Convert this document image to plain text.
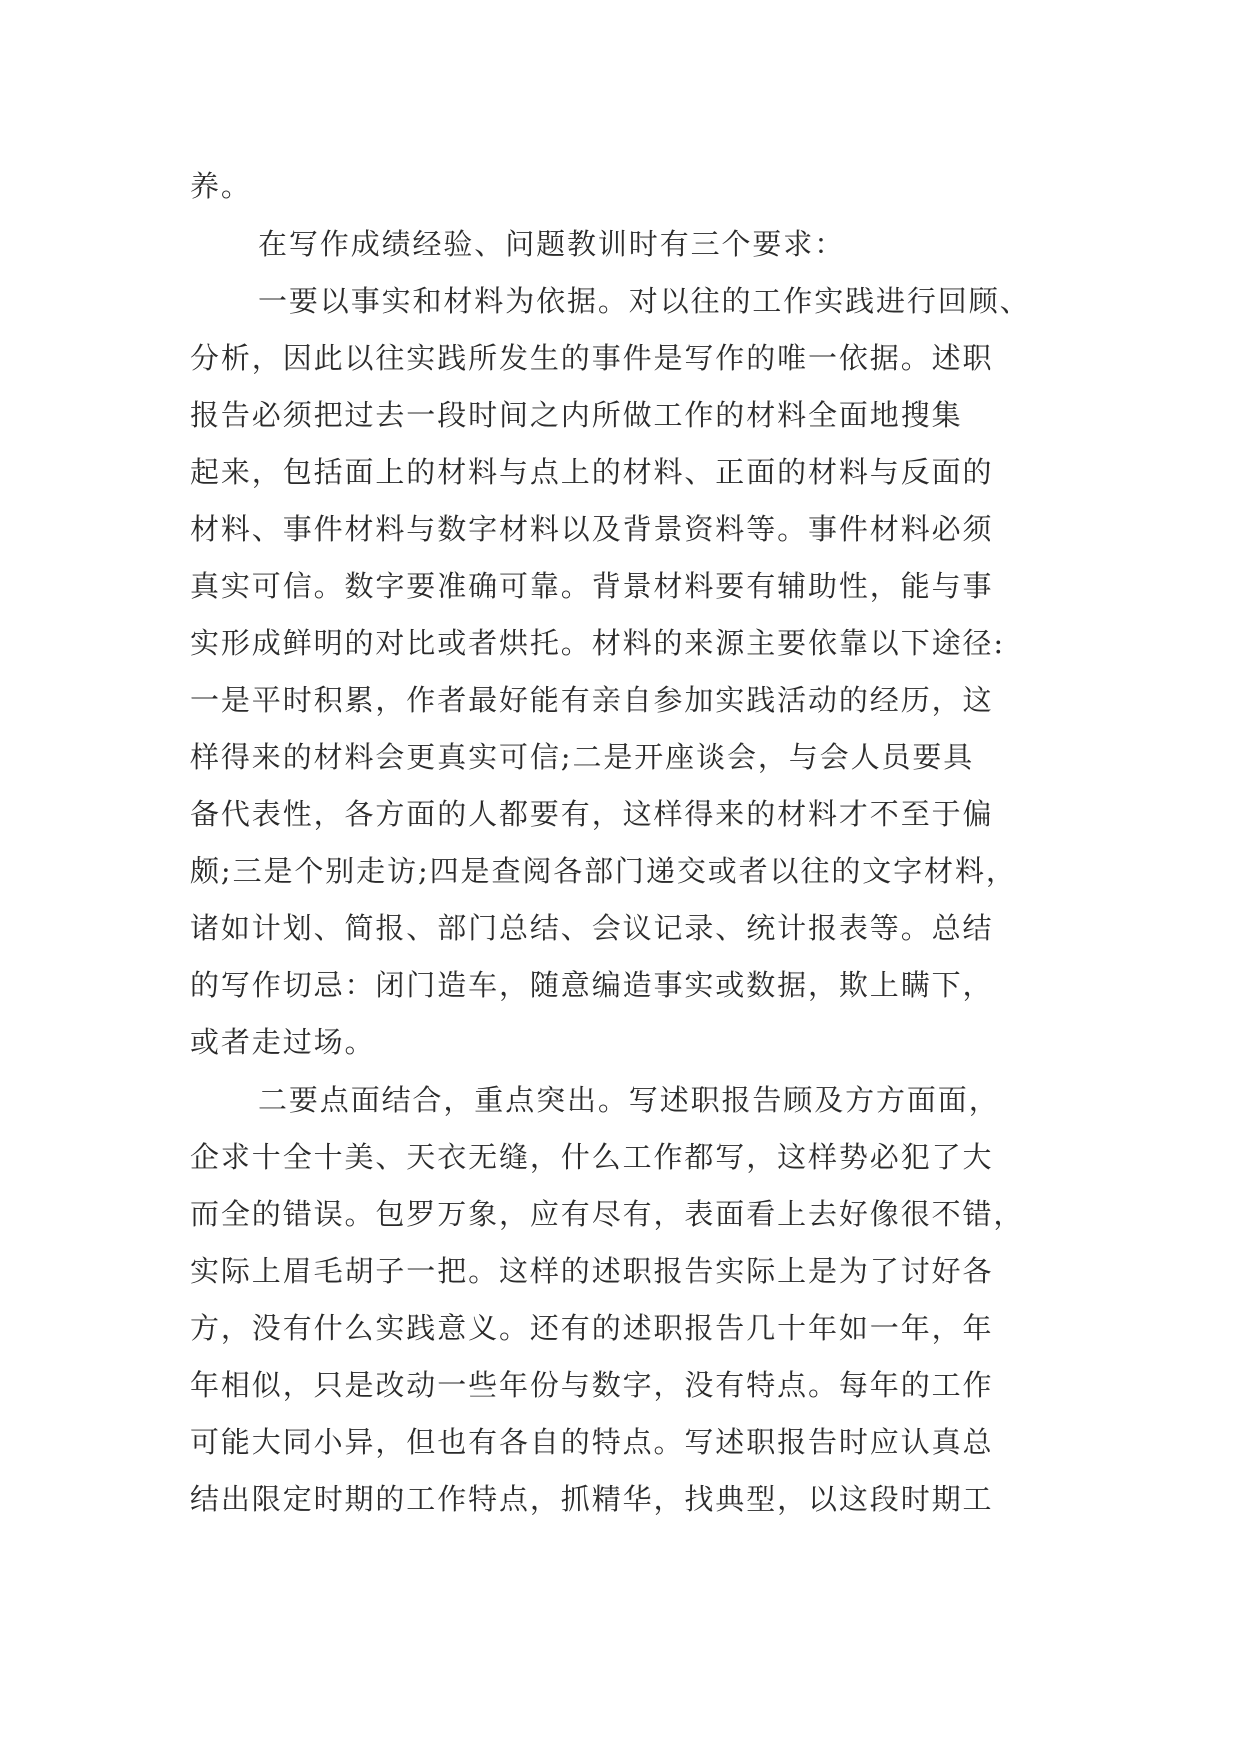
养。
在写作成绩经验、问题教训时有三个要求：
一要以事实和材料为依据。对以往的工作实践进行回顾、
分析，因此以往实践所发生的事件是写作的唯一依据。述职
报告必须把过去一段时间之内所做工作的材料全面地搜集
起来，包括面上的材料与点上的材料、正面的材料与反面的
材料、事件材料与数字材料以及背景资料等。事件材料必须
真实可信。数字要准确可靠。背景材料要有辅助性，能与事
实形成鲜明的对比或者烘托。材料的来源主要依靠以下途径:
一是平时积累，作者最好能有亲自参加实践活动的经历，这
样得来的材料会更真实可信;二是开座谈会，与会人员要具
备代表性，各方面的人都要有，这样得来的材料才不至于偏
颇;三是个别走访;四是查阅各部门递交或者以往的文字材料，
诸如计划、简报、部门总结、会议记录、统计报表等。总结
的写作切忌：闭门造车，随意编造事实或数据，欺上瞒下，
或者走过场。
二要点面结合，重点突出。写述职报告顾及方方面面，
企求十全十美、天衣无缝，什么工作都写，这样势必犯了大
而全的错误。包罗万象，应有尽有，表面看上去好像很不错，
实际上眉毛胡子一把。这样的述职报告实际上是为了讨好各
方，没有什么实践意义。还有的述职报告几十年如一年，年
年相似，只是改动一些年份与数字，没有特点。每年的工作
可能大同小异，但也有各自的特点。写述职报告时应认真总
结出限定时期的工作特点，抓精华，找典型，以这段时期工
